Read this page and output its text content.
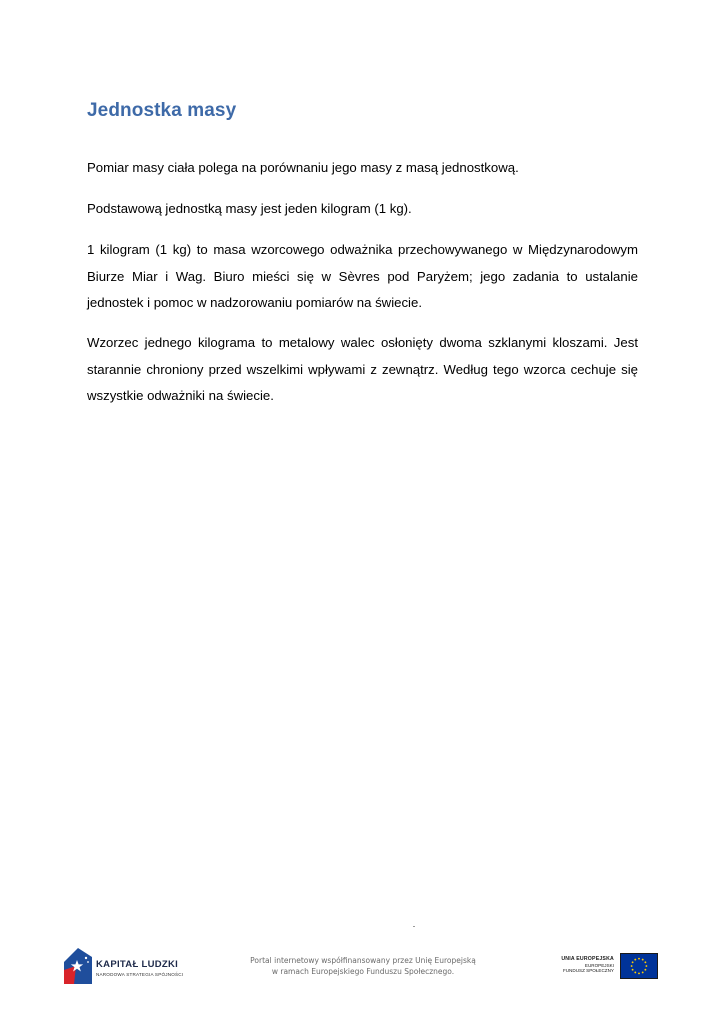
Jednostka masy

Pomiar masy ciała polega na porównaniu jego masy z masą jednostkową.

Podstawową jednostką masy jest jeden kilogram (1 kg).

1 kilogram (1 kg) to masa wzorcowego odważnika przechowywanego w Międzynarodowym Biurze Miar i Wag. Biuro mieści się w Sèvres pod Paryżem; jego zadania to ustalanie jednostek i pomoc w nadzorowaniu pomiarów na świecie.

Wzorzec jednego kilograma to metalowy walec osłonięty dwoma szklanymi kloszami. Jest starannie chroniony przed wszelkimi wpływami z zewnątrz. Według tego wzorca cechuje się wszystkie odważniki na świecie.

KAPITAŁ LUDZKI
NARODOWA STRATEGIA SPÓJNOŚCI
Portal internetowy współfinansowany przez Unię Europejską
w ramach Europejskiego Funduszu Społecznego.
UNIA EUROPEJSKA
EUROPEJSKI
FUNDUSZ SPOŁECZNY
